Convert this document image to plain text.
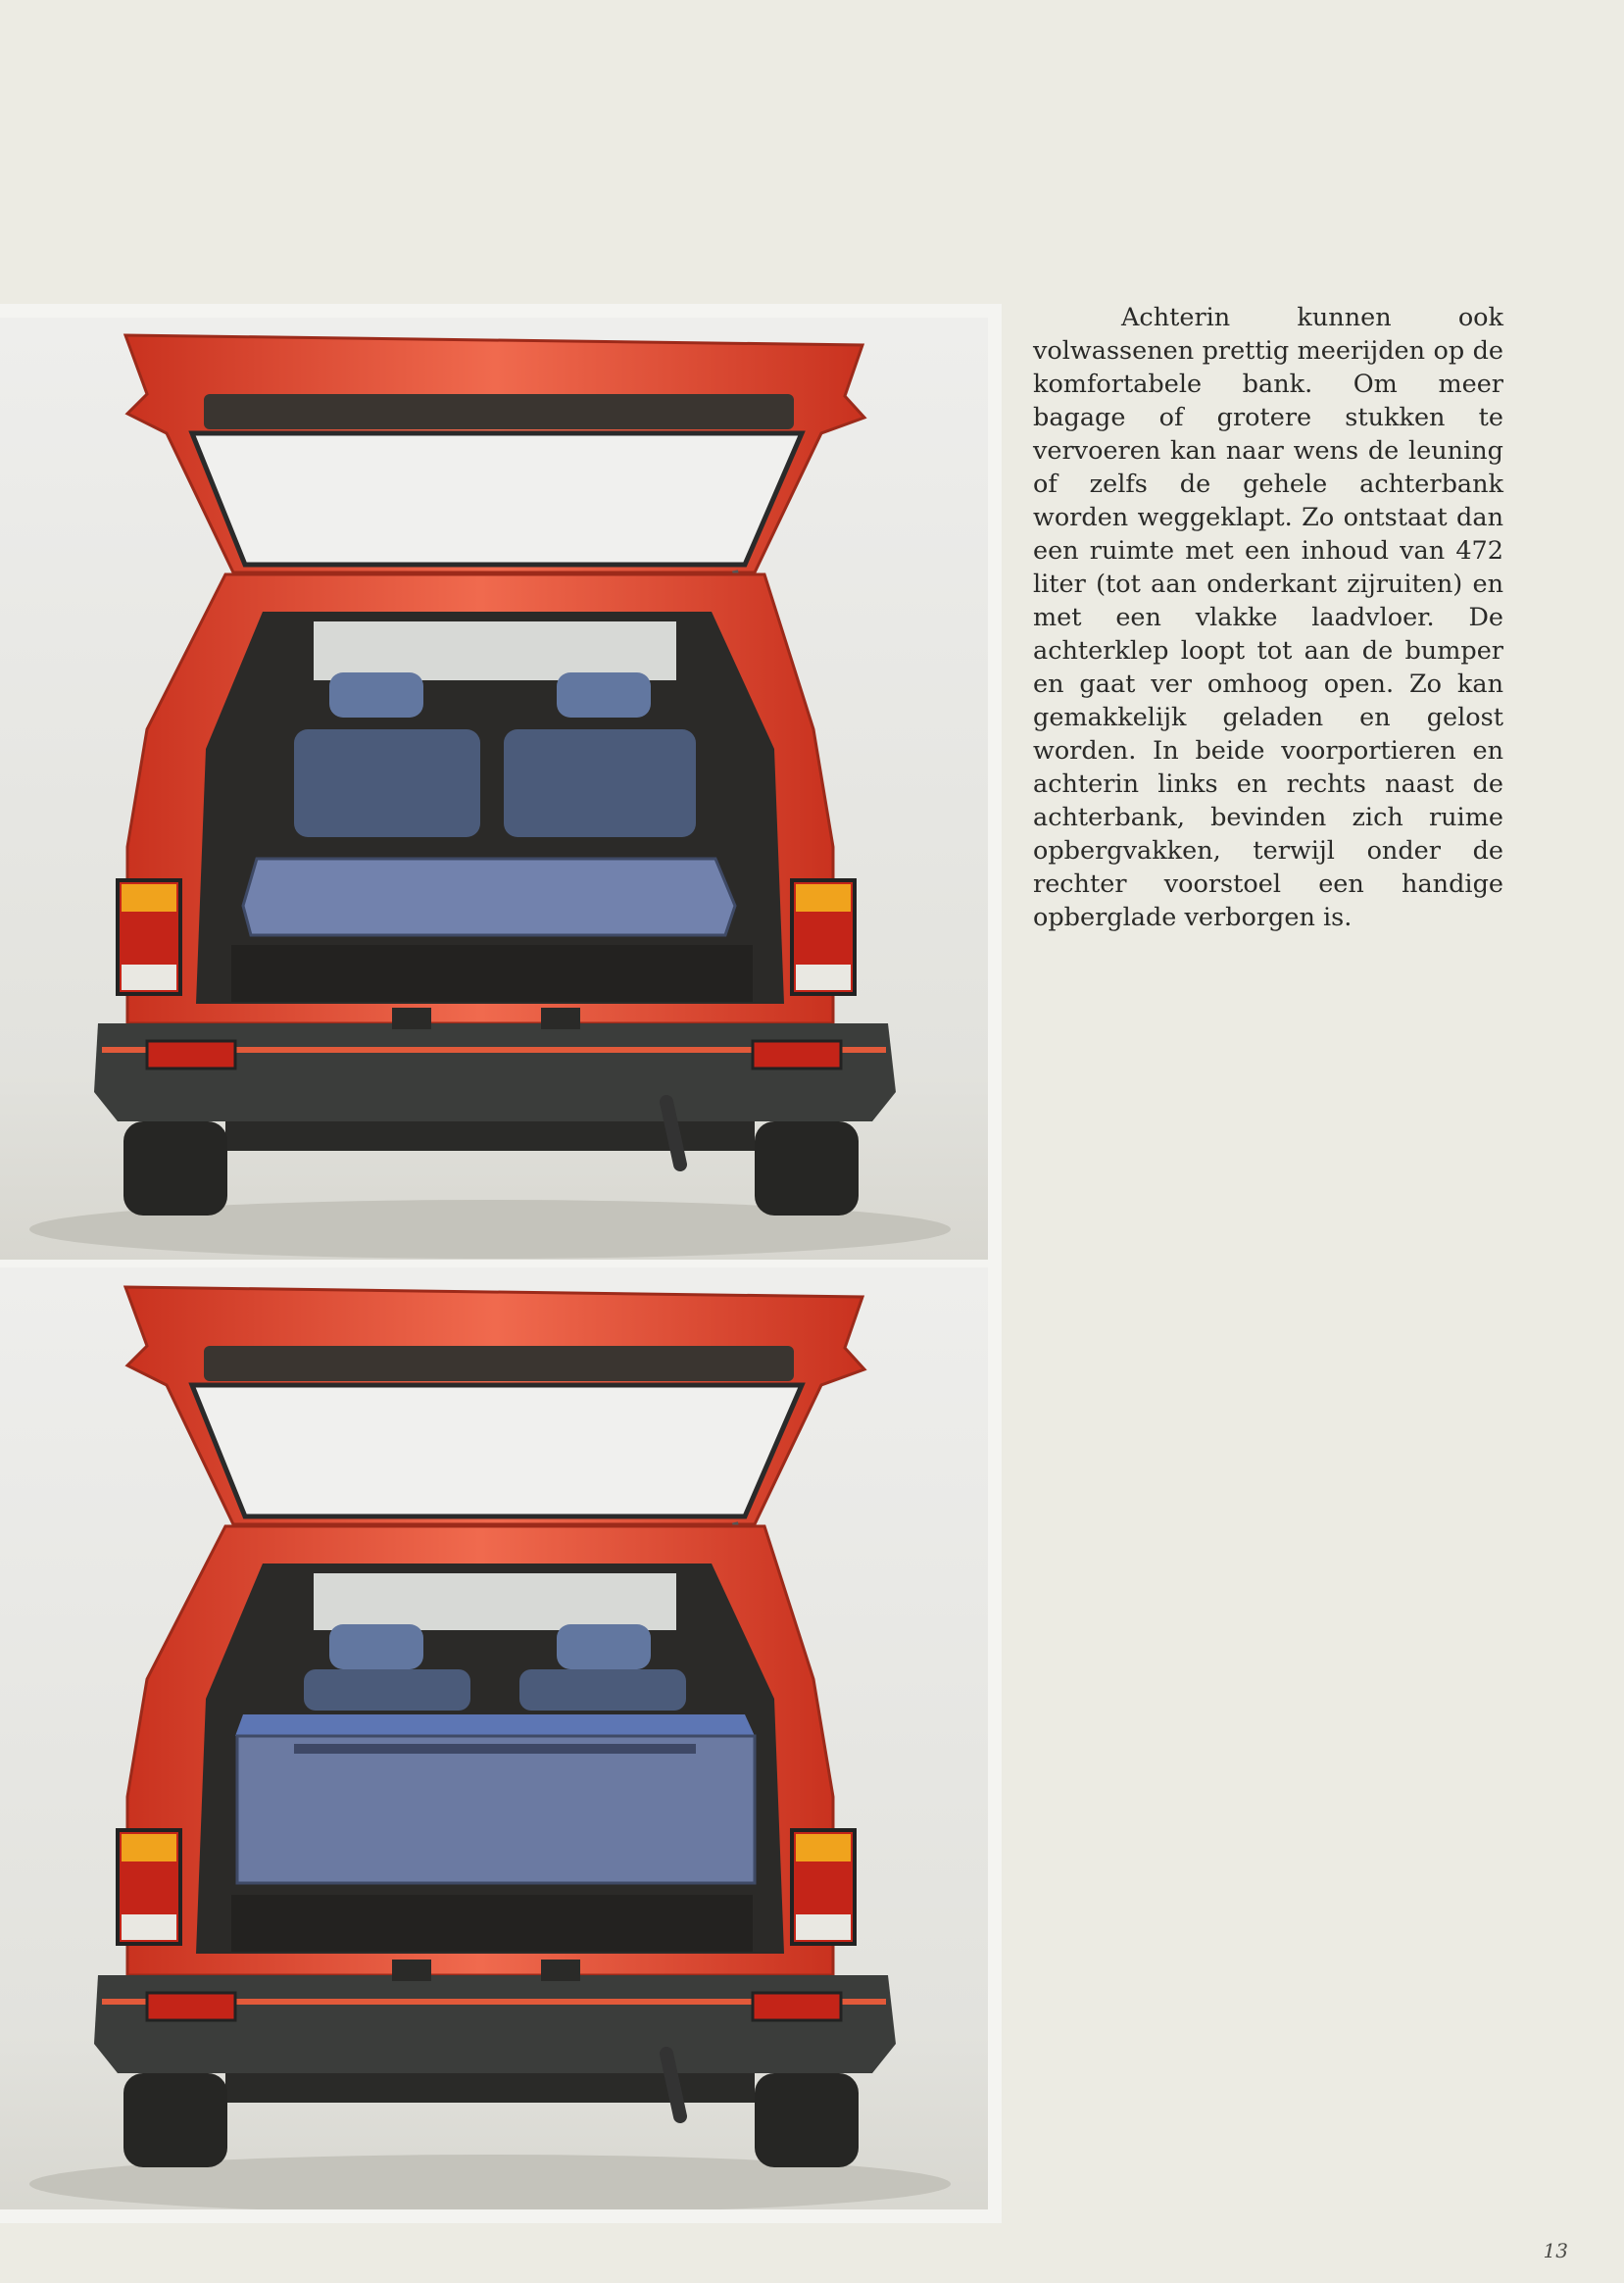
Achterin kunnen ook volwassenen prettig meerijden op de komfortabele bank. Om meer bagage of grotere stukken te vervoeren kan naar wens de leuning of zelfs de gehele achterbank worden weggeklapt. Zo ontstaat dan een ruimte met een inhoud van 472 liter (tot aan onderkant zijruiten) en met een vlakke laadvloer. De achterklep loopt tot aan de bumper en gaat ver omhoog open. Zo kan gemakkelijk geladen en gelost worden. In beide voorportieren en achterin links en rechts naast de achterbank, bevinden zich ruime opbergvakken, terwijl onder de rechter voorstoel een handige opberglade verborgen is.

13
